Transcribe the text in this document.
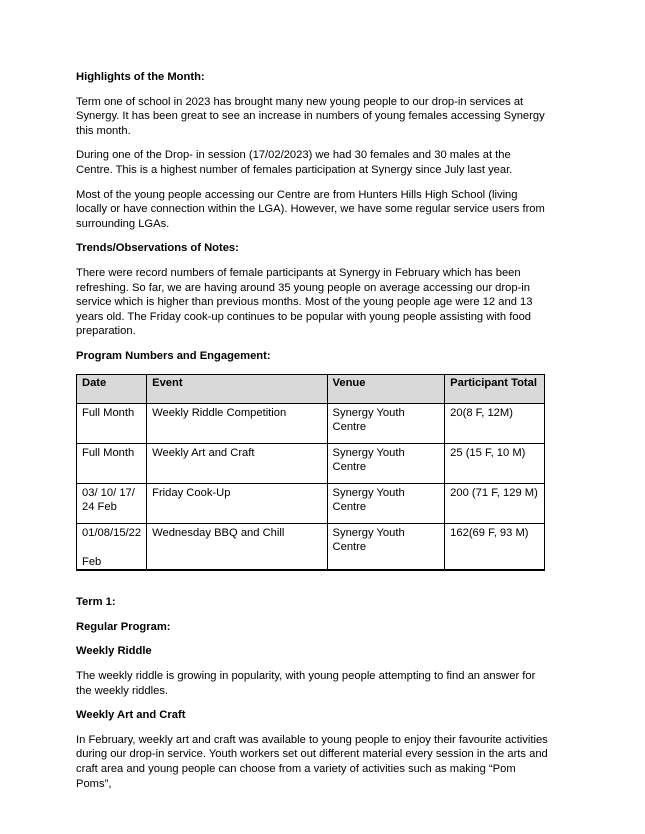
Highlights of the Month:

Term one of school in 2023 has brought many new young people to our drop-in services at Synergy. It has been great to see an increase in numbers of young females accessing Synergy this month.

During one of the Drop- in session (17/02/2023) we had 30 females and 30 males at the Centre. This is a highest number of females participation at Synergy since July last year.

Most of the young people accessing our Centre are from Hunters Hills High School (living locally or have connection within the LGA). However, we have some regular service users from surrounding LGAs.

Trends/Observations of Notes:

There were record numbers of female participants at Synergy in February which has been refreshing. So far, we are having around 35 young people on average accessing our drop-in service which is higher than previous months. Most of the young people age were 12 and 13 years old. The Friday cook-up continues to be popular with young people assisting with food preparation.

Program Numbers and Engagement:
Date	Event	Venue	Participant Total
Full Month	Weekly Riddle Competition	Synergy Youth Centre	20(8 F, 12M)
Full Month	Weekly Art and Craft	Synergy Youth Centre	25 (15 F, 10 M)
03/ 10/ 17/ 24 Feb	Friday Cook-Up	Synergy Youth Centre	200 (71 F, 129 M)
01/08/15/22

Feb	Wednesday BBQ and Chill	Synergy Youth Centre	162(69 F, 93 M)
Term 1:
Regular Program:
Weekly Riddle

The weekly riddle is growing in popularity, with young people attempting to find an answer for the weekly riddles.

Weekly Art and Craft

In February, weekly art and craft was available to young people to enjoy their favourite activities during our drop-in service. Youth workers set out different material every session in the arts and craft area and young people can choose from a variety of activities such as making “Pom Poms”,
